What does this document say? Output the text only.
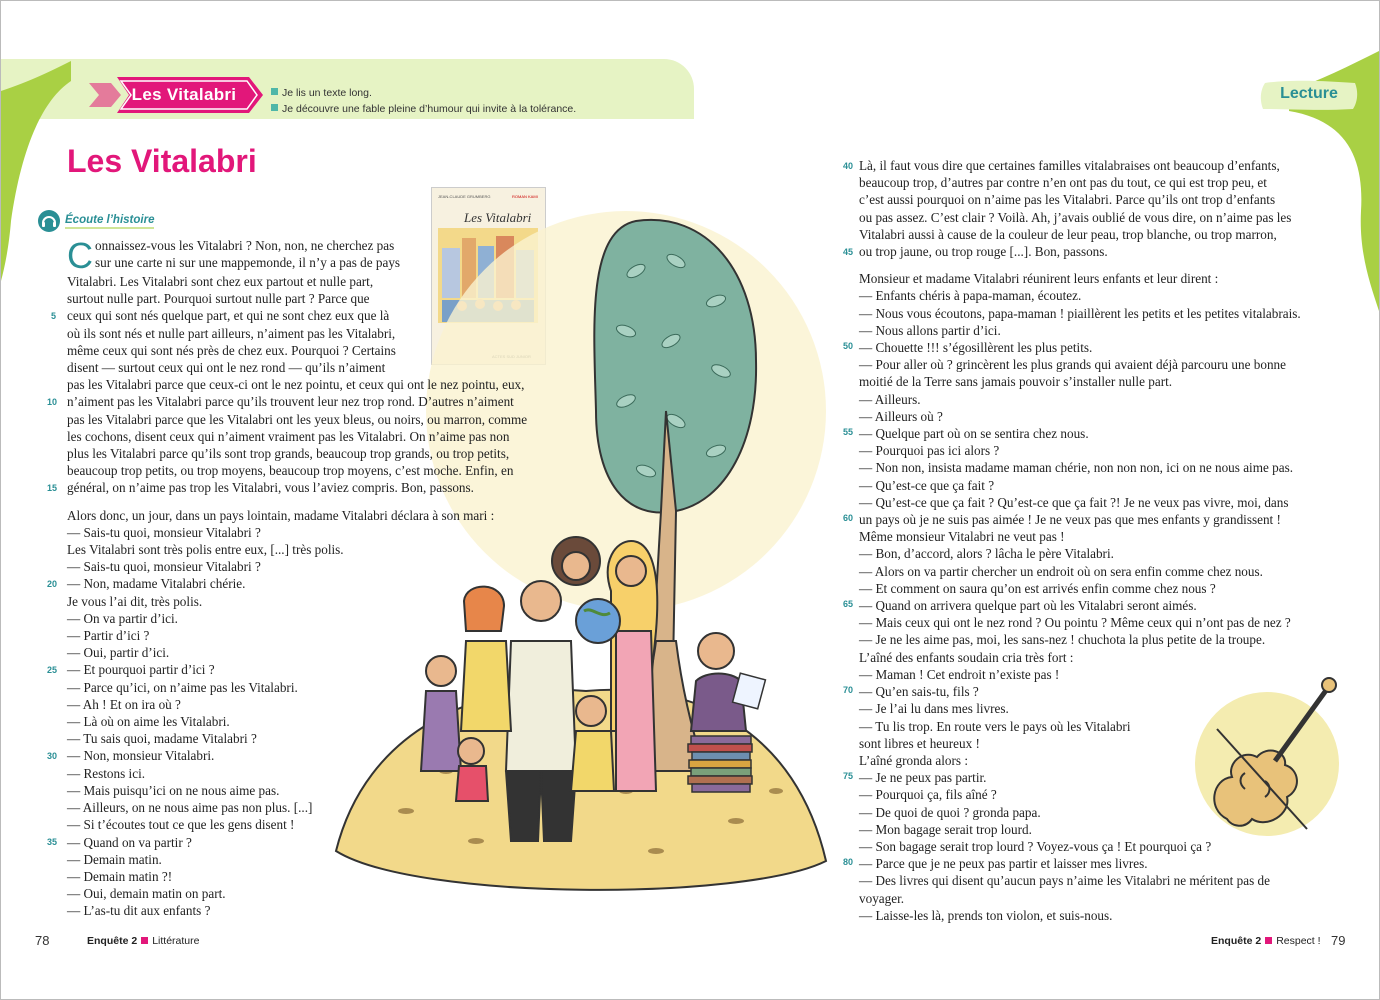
Les Vitalabri	Je lis un texte long.
Je découvre une fable pleine d’humour qui invite à la tolérance.
Lecture
Les Vitalabri
Écoute l’histoire
JEAN-CLAUDE GRUMBERG	ROMAN KAMI
Les Vitalabri
C onnaissez-vous les Vitalabri ? Non, non, ne cherchez pas

sur une carte ni sur une mappemonde, il n’y a pas de pays

Vitalabri. Les Vitalabri sont chez eux partout et nulle part,

surtout nulle part. Pourquoi surtout nulle part ? Parce que

ceux qui sont nés quelque part, et qui ne sont chez eux que là

où ils sont nés et nulle part ailleurs, n’aiment pas les Vitalabri,

même ceux qui sont nés près de chez eux. Pourquoi ? Certains

disent — surtout ceux qui ont le nez rond — qu’ils n’aiment

pas les Vitalabri parce que ceux-ci ont le nez pointu, et ceux qui ont le nez pointu, eux,

n’aiment pas les Vitalabri parce qu’ils trouvent leur nez trop rond. D’autres n’aiment

pas les Vitalabri parce que les Vitalabri ont les yeux bleus, ou noirs, ou marron, comme

les cochons, disent ceux qui n’aiment vraiment pas les Vitalabri. On n’aime pas non

plus les Vitalabri parce qu’ils sont trop grands, beaucoup trop grands, ou trop petits,

beaucoup trop petits, ou trop moyens, beaucoup trop moyens, c’est moche. Enfin, en

général, on n’aime pas trop les Vitalabri, vous l’aviez compris. Bon, passons.

Alors donc, un jour, dans un pays lointain, madame Vitalabri déclara à son mari :

— Sais-tu quoi, monsieur Vitalabri ?

Les Vitalabri sont très polis entre eux, [...] très polis.

— Sais-tu quoi, monsieur Vitalabri ?

— Non, madame Vitalabri chérie.

Je vous l’ai dit, très polis.

— On va partir d’ici.

— Partir d’ici ?

— Oui, partir d’ici.

— Et pourquoi partir d’ici ?

— Parce qu’ici, on n’aime pas les Vitalabri.

— Ah ! Et on ira où ?

— Là où on aime les Vitalabri.

— Tu sais quoi, madame Vitalabri ?

— Non, monsieur Vitalabri.

— Restons ici.

— Mais puisqu’ici on ne nous aime pas.

— Ailleurs, on ne nous aime pas non plus. [...]

— Si t’écoutes tout ce que les gens disent !

— Quand on va partir ?

— Demain matin.

— Demain matin ?!

— Oui, demain matin on part.

— L’as-tu dit aux enfants ?

5
10
15
20
25
30
35

Là, il faut vous dire que certaines familles vitalabraises ont beaucoup d’enfants,

beaucoup trop, d’autres par contre n’en ont pas du tout, ce qui est trop peu, et

c’est aussi pourquoi on n’aime pas les Vitalabri. Parce qu’ils ont trop d’enfants

ou pas assez. C’est clair ? Voilà. Ah, j’avais oublié de vous dire, on n’aime pas les

Vitalabri aussi à cause de la couleur de leur peau, trop blanche, ou trop marron,

ou trop jaune, ou trop rouge [...]. Bon, passons.

Monsieur et madame Vitalabri réunirent leurs enfants et leur dirent :

— Enfants chéris à papa-maman, écoutez.

— Nous vous écoutons, papa-maman ! piaillèrent les petits et les petites vitalabrais.

— Nous allons partir d’ici.

— Chouette !!! s’égosillèrent les plus petits.

— Pour aller où ? grincèrent les plus grands qui avaient déjà parcouru une bonne

moitié de la Terre sans jamais pouvoir s’installer nulle part.

— Ailleurs.

— Ailleurs où ?

— Quelque part où on se sentira chez nous.

— Pourquoi pas ici alors ?

— Non non, insista madame maman chérie, non non non, ici on ne nous aime pas.

— Qu’est-ce que ça fait ?

— Qu’est-ce que ça fait ? Qu’est-ce que ça fait ?! Je ne veux pas vivre, moi, dans

un pays où je ne suis pas aimée ! Je ne veux pas que mes enfants y grandissent !

Même monsieur Vitalabri ne veut pas !

— Bon, d’accord, alors ? lâcha le père Vitalabri.

— Alors on va partir chercher un endroit où on sera enfin comme chez nous.

— Et comment on saura qu’on est arrivés enfin comme chez nous ?

— Quand on arrivera quelque part où les Vitalabri seront aimés.

— Mais ceux qui ont le nez rond ? Ou pointu ? Même ceux qui n’ont pas de nez ?

— Je ne les aime pas, moi, les sans-nez ! chuchota la plus petite de la troupe.

L’aîné des enfants soudain cria très fort :

— Maman ! Cet endroit n’existe pas !

— Qu’en sais-tu, fils ?

— Je l’ai lu dans mes livres.

— Tu lis trop. En route vers le pays où les Vitalabri

sont libres et heureux !

L’aîné gronda alors :

— Je ne peux pas partir.

— Pourquoi ça, fils aîné ?

— De quoi de quoi ? gronda papa.

— Mon bagage serait trop lourd.

— Son bagage serait trop lourd ? Voyez-vous ça ! Et pourquoi ça ?

— Parce que je ne peux pas partir et laisser mes livres.

— Des livres qui disent qu’aucun pays n’aime les Vitalabri ne méritent pas de

voyager.

— Laisse-les là, prends ton violon, et suis-nous.

40
45
50
55
60
65
70
75
80
78	Enquête 2 Littérature	Enquête 2 Respect ! 79
